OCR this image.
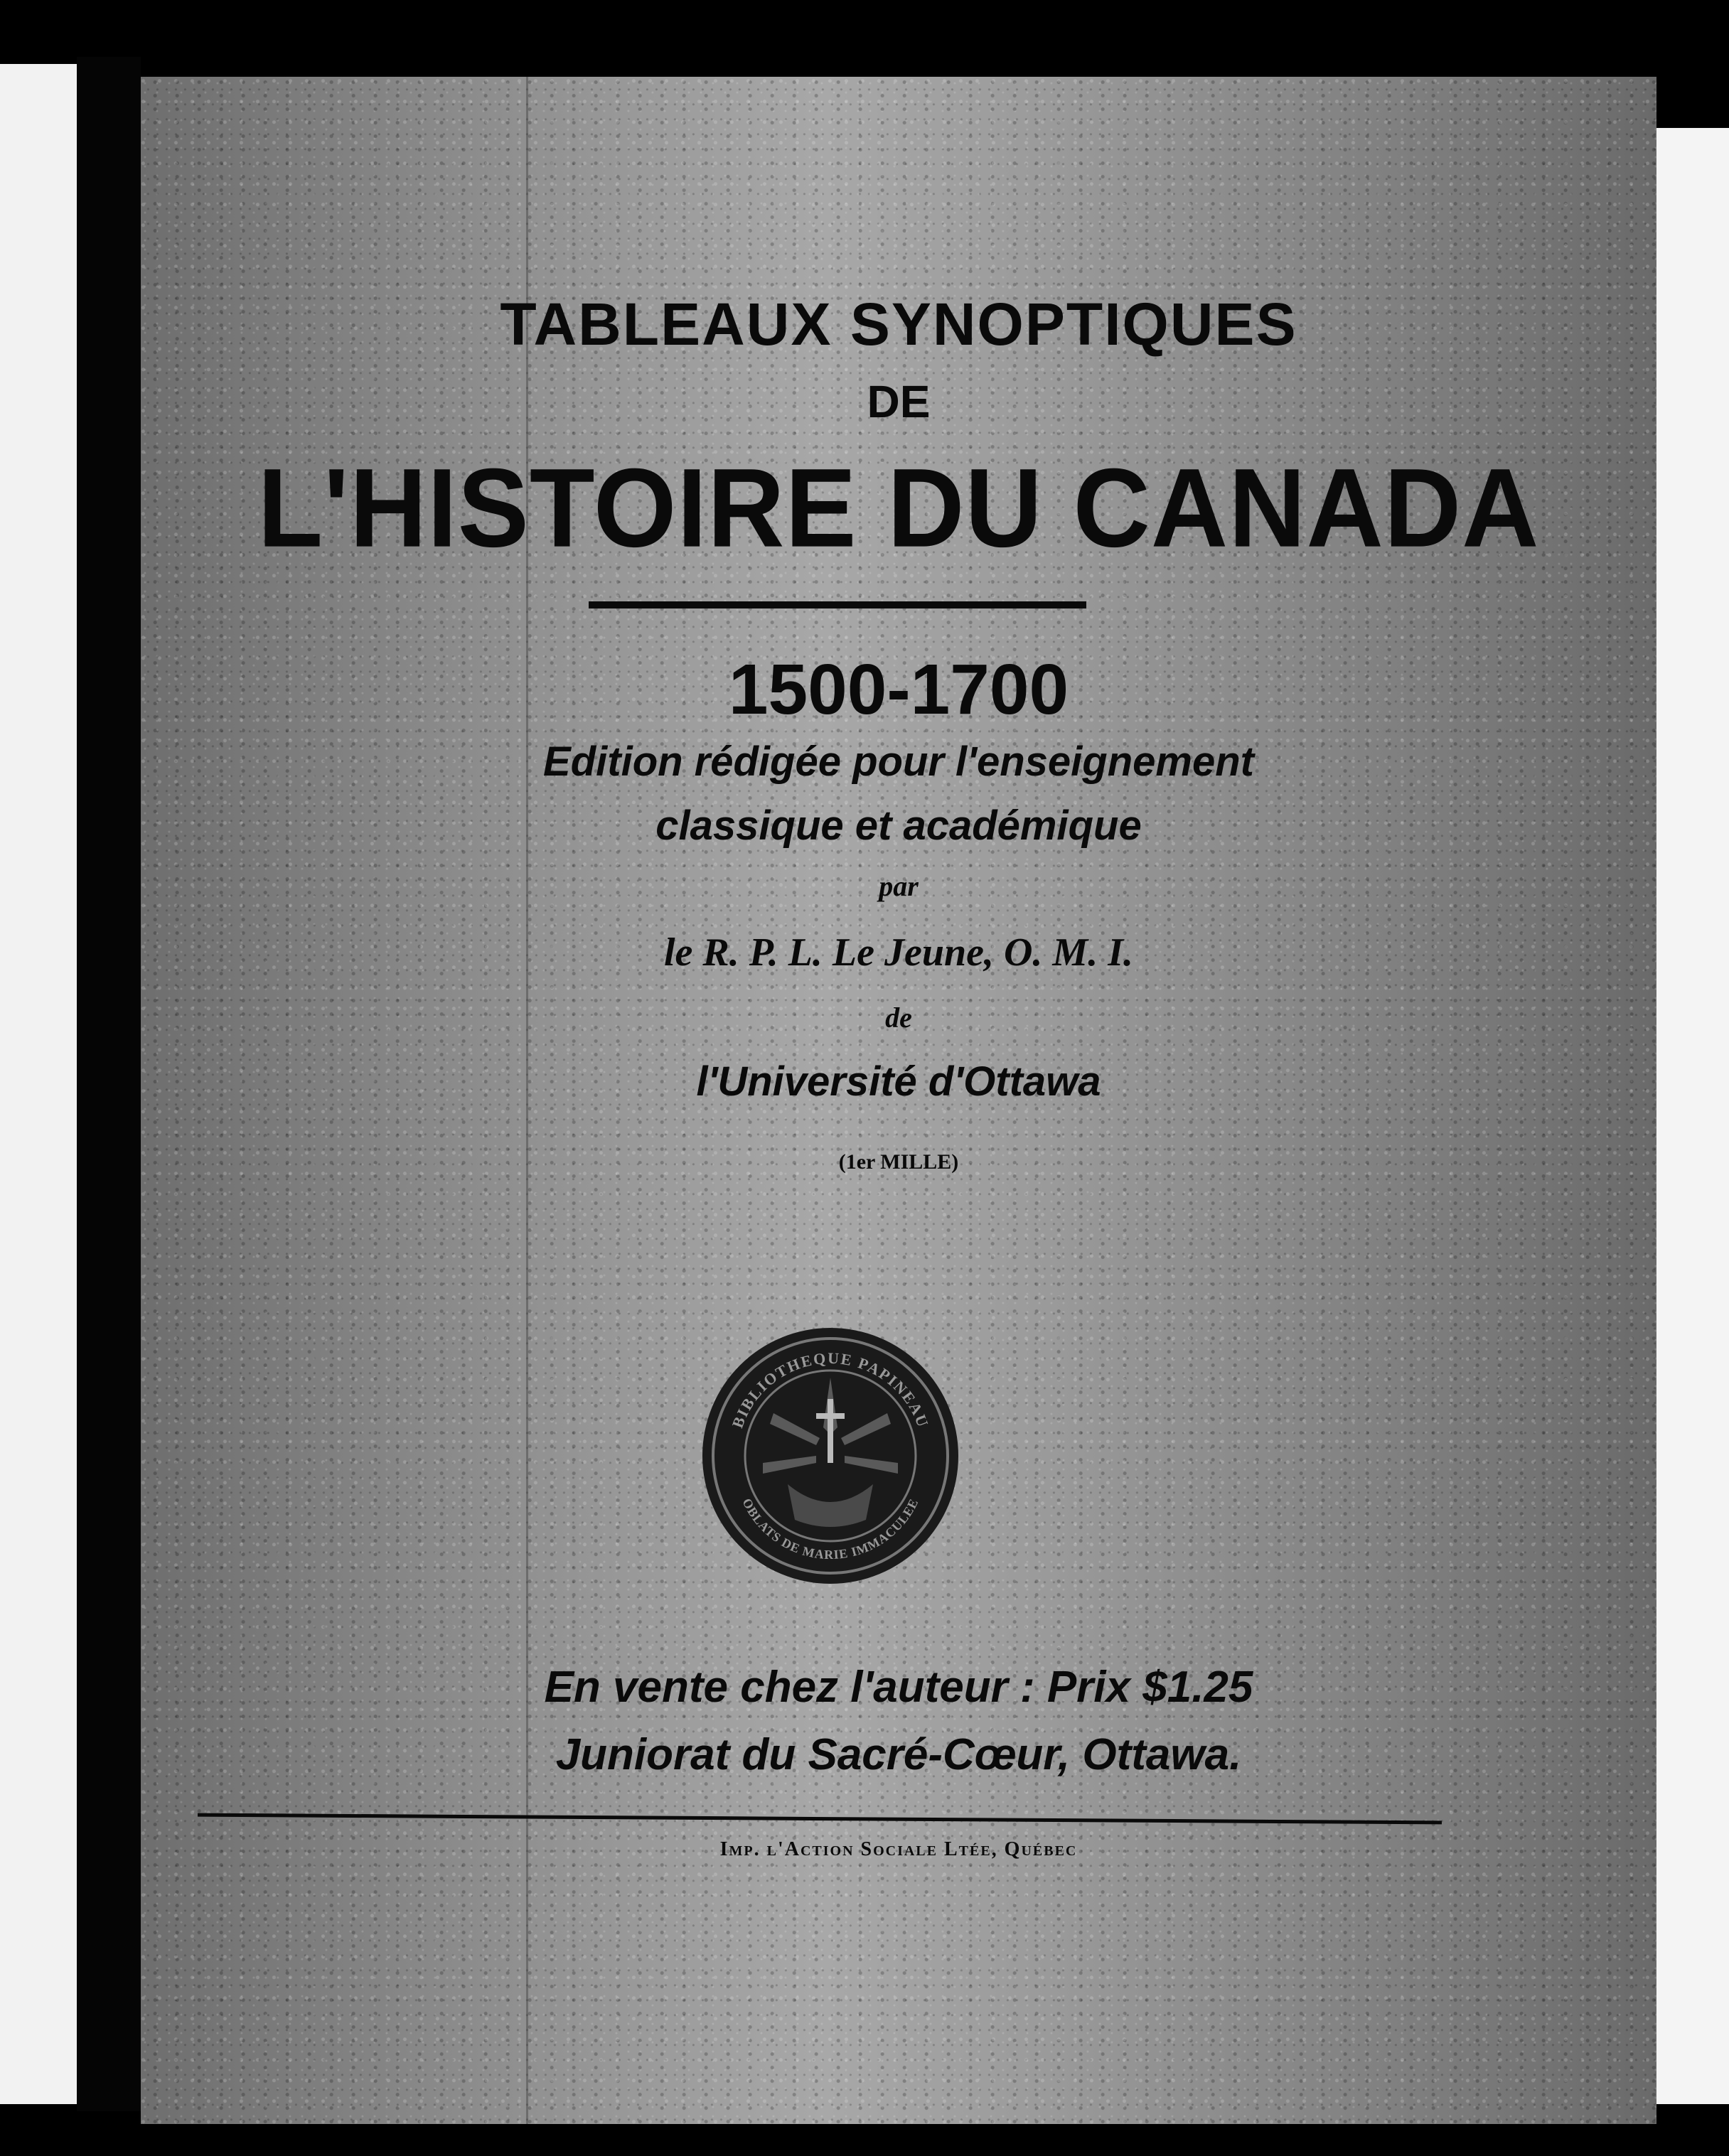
TABLEAUX SYNOPTIQUES
DE
L'HISTOIRE DU CANADA
1500-1700
Edition rédigée pour l'enseignement
classique et académique
par
le R. P. L. Le Jeune, O. M. I.
de
l'Université d'Ottawa
(1er MILLE)
BIBLIOTHEQUE PAPINEAU
OBLATS DE MARIE IMMACULEE
En vente chez l'auteur : Prix $1.25
Juniorat du Sacré-Cœur, Ottawa.
Imp. l'Action Sociale Ltée, Québec
